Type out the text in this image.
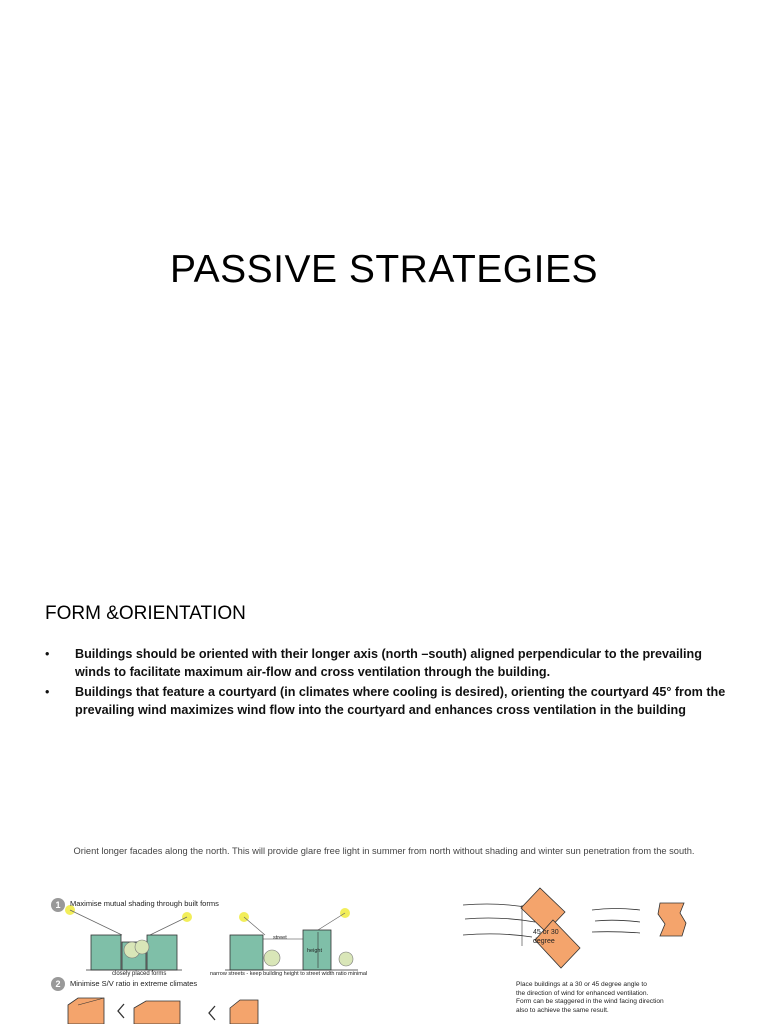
PASSIVE STRATEGIES
FORM &ORIENTATION
• Buildings should be oriented with their longer axis (north –south) aligned perpendicular to the prevailing winds to facilitate maximum air-flow and cross ventilation through the building.
• Buildings that feature a courtyard (in climates where cooling is desired), orienting the courtyard 45° from the prevailing wind maximizes wind flow into the courtyard and enhances cross ventilation in the building
Orient longer facades along the north. This will provide glare free light in summer from north without shading and winter sun penetration from the south.
1	Maximise mutual shading through built forms
closely placed forms
street
height
narrow streets - keep building height to street width ratio minimal
2	Minimise S/V ratio in extreme climates
45 or 30
degree
Place buildings at a 30 or 45 degree angle to
the direction of wind for enhanced ventilation.
Form can be staggered in the wind facing direction
also to achieve the same result.
